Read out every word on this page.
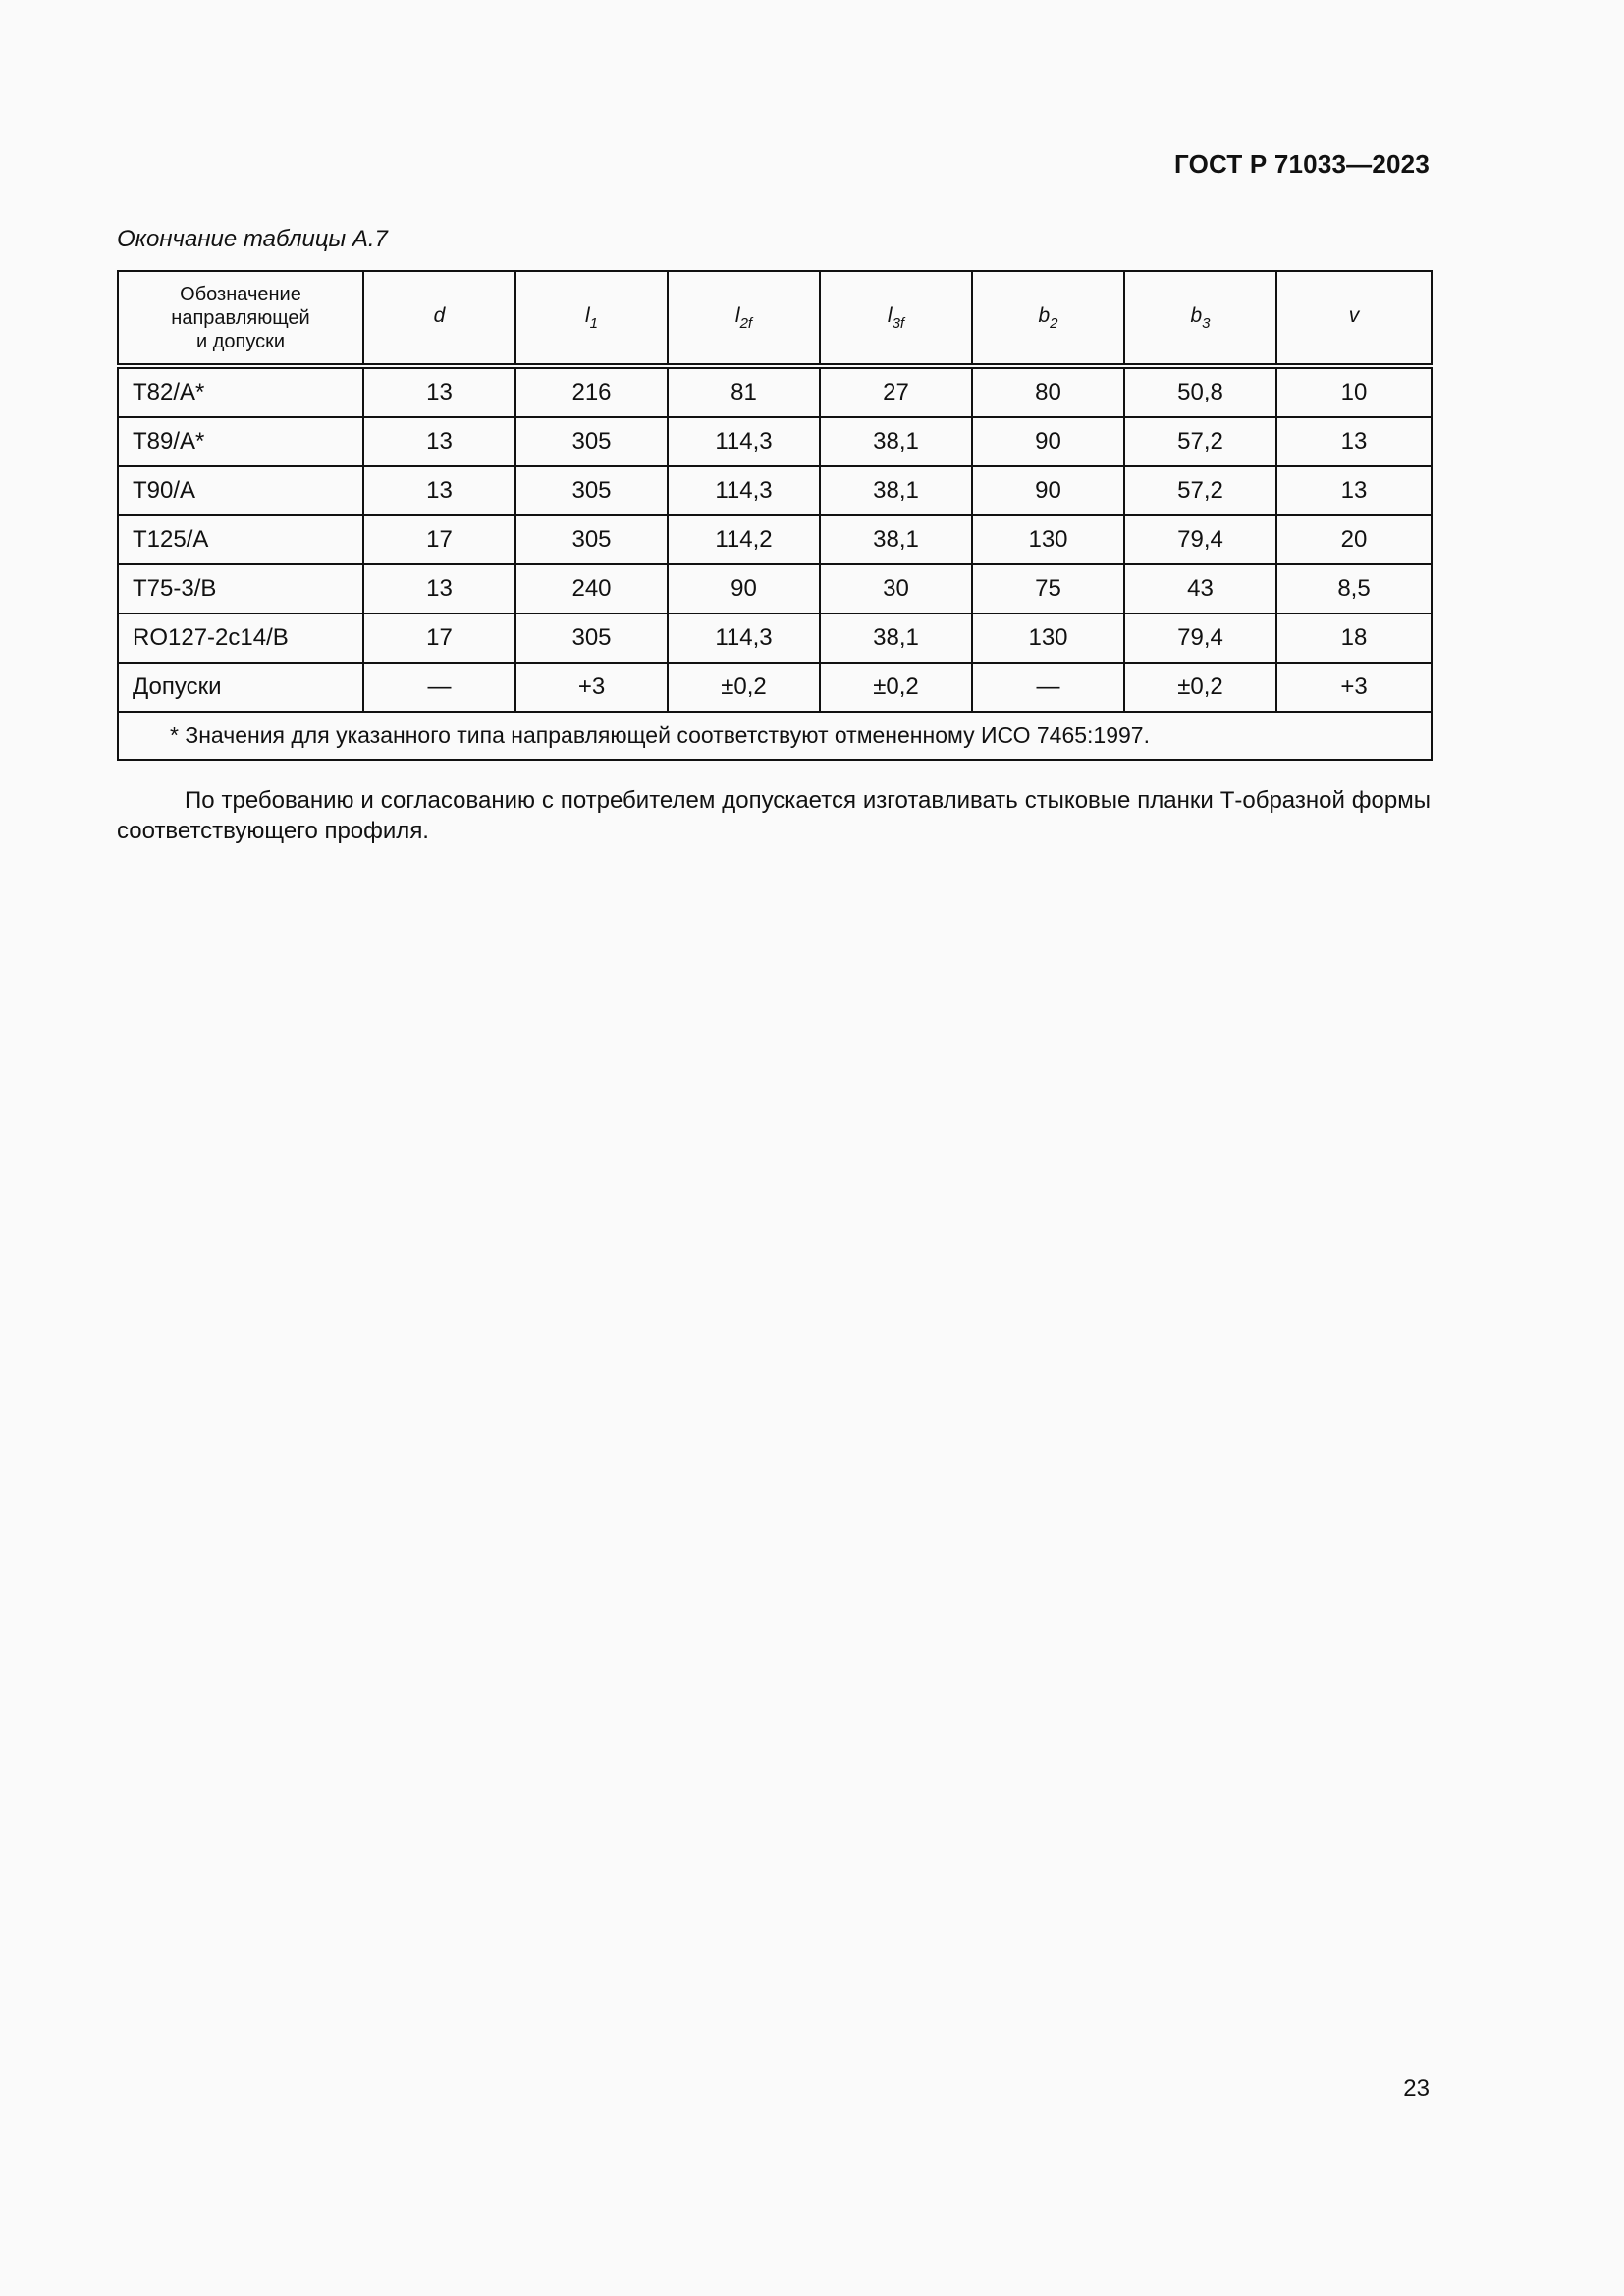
ГОСТ Р 71033—2023
Окончание таблицы А.7
Обозначение
направляющей
и допуски	d	$l_1$	$l_{2f}$	$l_{3f}$	$b_2$	$b_3$	v
T82/A*	13	216	81	27	80	50,8	10
T89/A*	13	305	114,3	38,1	90	57,2	13
T90/A	13	305	114,3	38,1	90	57,2	13
T125/A	17	305	114,2	38,1	130	79,4	20
T75-3/B	13	240	90	30	75	43	8,5
RO127-2c14/B	17	305	114,3	38,1	130	79,4	18
Допуски	—	+3	±0,2	±0,2	—	±0,2	+3
* Значения для указанного типа направляющей соответствуют отмененному ИСО 7465:1997.							

По требованию и согласованию с потребителем допускается изготавливать стыковые планки Т-образной формы соответствующего профиля.

23
